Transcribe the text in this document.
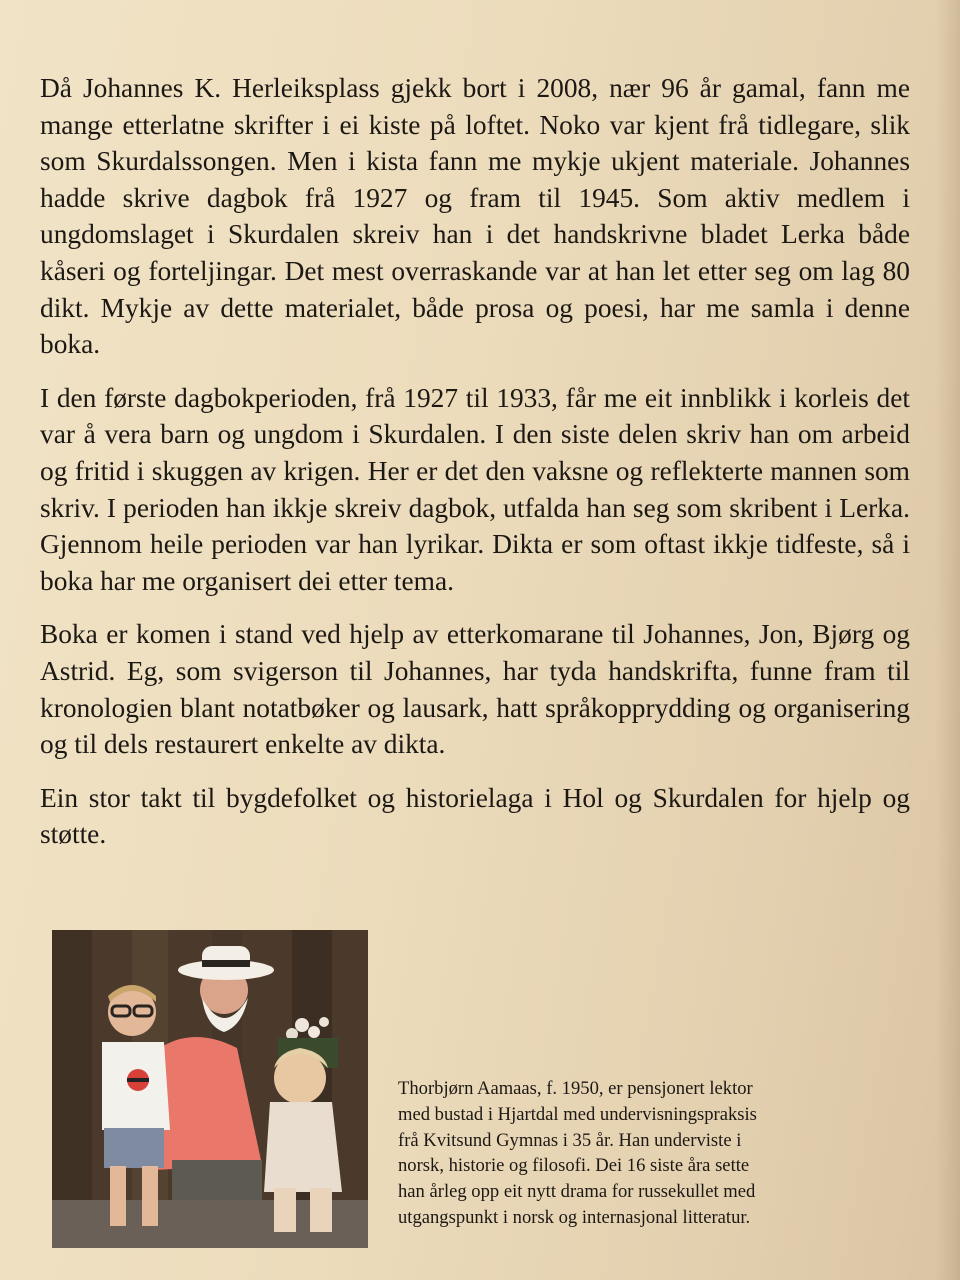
Då Johannes K. Herleiksplass gjekk bort i 2008, nær 96 år gamal, fann me mange etterlatne skrifter i ei kiste på loftet. Noko var kjent frå tidlegare, slik som Skurdalssongen. Men i kista fann me mykje ukjent materiale. Johannes hadde skrive dagbok frå 1927 og fram til 1945. Som aktiv medlem i ungdomslaget i Skurdalen skreiv han i det handskrivne bladet Lerka både kåseri og forteljingar. Det mest overraskande var at han let etter seg om lag 80 dikt. Mykje av dette materialet, både prosa og poesi, har me samla i denne boka.

I den første dagbokperioden, frå 1927 til 1933, får me eit innblikk i korleis det var å vera barn og ungdom i Skurdalen. I den siste delen skriv han om arbeid og fritid i skuggen av krigen. Her er det den vaksne og reflekterte mannen som skriv. I perioden han ikkje skreiv dagbok, utfalda han seg som skribent i Lerka. Gjennom heile perioden var han lyrikar. Dikta er som oftast ikkje tidfeste, så i boka har me organisert dei etter tema.

Boka er komen i stand ved hjelp av etterkomarane til Johannes, Jon, Bjørg og Astrid. Eg, som svigerson til Johannes, har tyda handskrifta, funne fram til kronologien blant notatbøker og lausark, hatt språkopprydding og organisering og til dels restaurert enkelte av dikta.

Ein stor takt til bygdefolket og historielaga i Hol og Skurdalen for hjelp og støtte.

Thorbjørn Aamaas, f. 1950, er pensjonert lektor
med bustad i Hjartdal med undervisningspraksis
frå Kvitsund Gymnas i 35 år. Han underviste i
norsk, historie og filosofi. Dei 16 siste åra sette
han årleg opp eit nytt drama for russekullet med
utgangspunkt i norsk og internasjonal litteratur.
